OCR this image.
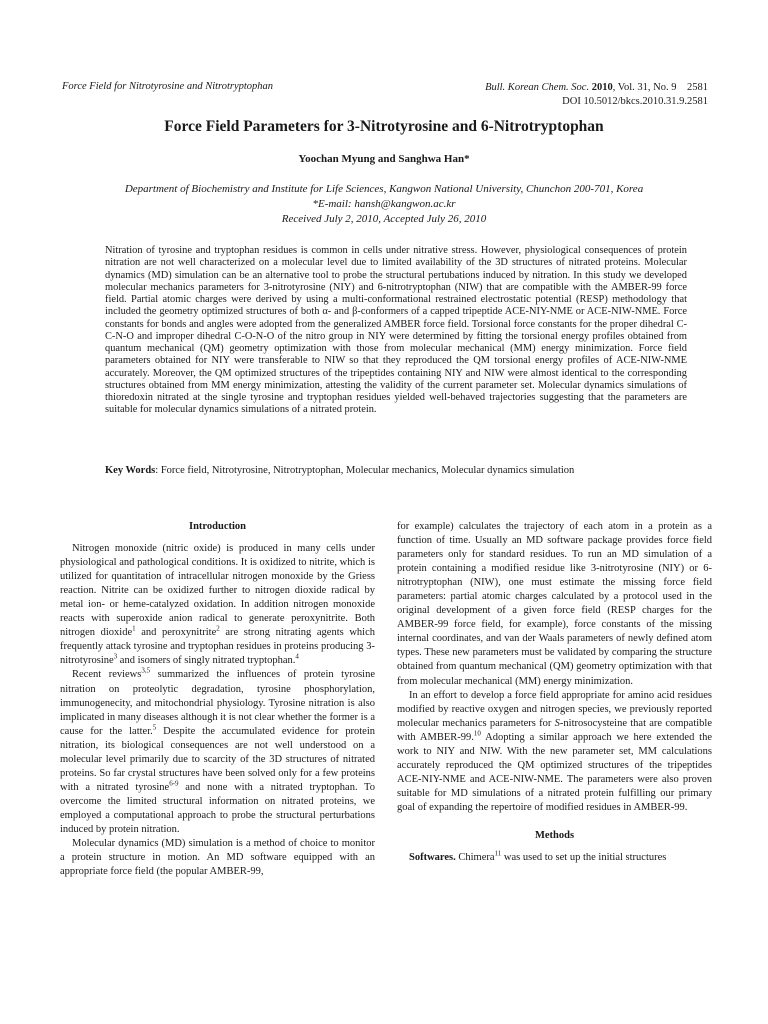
Force Field for Nitrotyrosine and Nitrotryptophan	Bull. Korean Chem. Soc. 2010, Vol. 31, No. 9 2581
DOI 10.5012/bkcs.2010.31.9.2581
Force Field Parameters for 3-Nitrotyrosine and 6-Nitrotryptophan
Yoochan Myung and Sanghwa Han*
Department of Biochemistry and Institute for Life Sciences, Kangwon National University, Chunchon 200-701, Korea
*E-mail: hansh@kangwon.ac.kr
Received July 2, 2010, Accepted July 26, 2010
Nitration of tyrosine and tryptophan residues is common in cells under nitrative stress. However, physiological consequences of protein nitration are not well characterized on a molecular level due to limited availability of the 3D structures of nitrated proteins. Molecular dynamics (MD) simulation can be an alternative tool to probe the structural pertubations induced by nitration. In this study we developed molecular mechanics parameters for 3-nitrotyrosine (NIY) and 6-nitrotryptophan (NIW) that are compatible with the AMBER-99 force field. Partial atomic charges were derived by using a multi-conformational restrained electrostatic potential (RESP) methodology that included the geometry optimized structures of both α- and β-conformers of a capped tripeptide ACE-NIY-NME or ACE-NIW-NME. Force constants for bonds and angles were adopted from the generalized AMBER force field. Torsional force constants for the proper dihedral C-C-N-O and improper dihedral C-O-N-O of the nitro group in NIY were determined by fitting the torsional energy profiles obtained from quantum mechanical (QM) geometry optimization with those from molecular mechanical (MM) energy minimization. Force field parameters obtained for NIY were transferable to NIW so that they reproduced the QM torsional energy profiles of ACE-NIW-NME accurately. Moreover, the QM optimized structures of the tripeptides containing NIY and NIW were almost identical to the corresponding structures obtained from MM energy minimization, attesting the validity of the current parameter set. Molecular dynamics simulations of thioredoxin nitrated at the single tyrosine and tryptophan residues yielded well-behaved trajectories suggesting that the parameters are suitable for molecular dynamics simulations of a nitrated protein.
Key Words: Force field, Nitrotyrosine, Nitrotryptophan, Molecular mechanics, Molecular dynamics simulation
Introduction

Nitrogen monoxide (nitric oxide) is produced in many cells under physiological and pathological conditions. It is oxidized to nitrite, which is utilized for quantitation of intracellular nitrogen monoxide by the Griess reaction. Nitrite can be oxidized further to nitrogen dioxide radical by metal ion- or heme-catalyzed oxidation. In addition nitrogen monoxide reacts with superoxide anion radical to generate peroxynitrite. Both nitrogen dioxide$^1$ and peroxynitrite$^2$ are strong nitrating agents which frequently attack tyrosine and tryptophan residues in proteins producing 3-nitrotyrosine$^3$ and isomers of singly nitrated tryptophan.$^4$

Recent reviews$^{3,5}$ summarized the influences of protein tyrosine nitration on proteolytic degradation, tyrosine phosphorylation, immunogenecity, and mitochondrial physiology. Tyrosine nitration is also implicated in many diseases although it is not clear whether the former is a cause for the latter.$^5$ Despite the accumulated evidence for protein nitration, its biological consequences are not well understood on a molecular level primarily due to scarcity of the 3D structures of nitrated proteins. So far crystal structures have been solved only for a few proteins with a nitrated tyrosine$^{6-9}$ and none with a nitrated tryptophan. To overcome the limited structural information on nitrated proteins, we employed a computational approach to probe the structural perturbations induced by protein nitration.

Molecular dynamics (MD) simulation is a method of choice to monitor a protein structure in motion. An MD software equipped with an appropriate force field (the popular AMBER-99,

for example) calculates the trajectory of each atom in a protein as a function of time. Usually an MD software package provides force field parameters only for standard residues. To run an MD simulation of a protein containing a modified residue like 3-nitrotyrosine (NIY) or 6-nitrotryptophan (NIW), one must estimate the missing force field parameters: partial atomic charges calculated by a protocol used in the original development of a given force field (RESP charges for the AMBER-99 force field, for example), force constants of the missing internal coordinates, and van der Waals parameters of newly defined atom types. These new parameters must be validated by comparing the structure obtained from quantum mechanical (QM) geometry optimization with that from molecular mechanical (MM) energy minimization.

In an effort to develop a force field appropriate for amino acid residues modified by reactive oxygen and nitrogen species, we previously reported molecular mechanics parameters for S-nitrosocysteine that are compatible with AMBER-99.10 Adopting a similar approach we here extended the work to NIY and NIW. With the new parameter set, MM calculations accurately reproduced the QM optimized structures of the tripeptides ACE-NIY-NME and ACE-NIW-NME. The parameters were also proven suitable for MD simulations of a nitrated protein fulfilling our primary goal of expanding the repertoire of modified residues in AMBER-99.

Methods

Softwares. Chimera$^{11}$ was used to set up the initial structures
